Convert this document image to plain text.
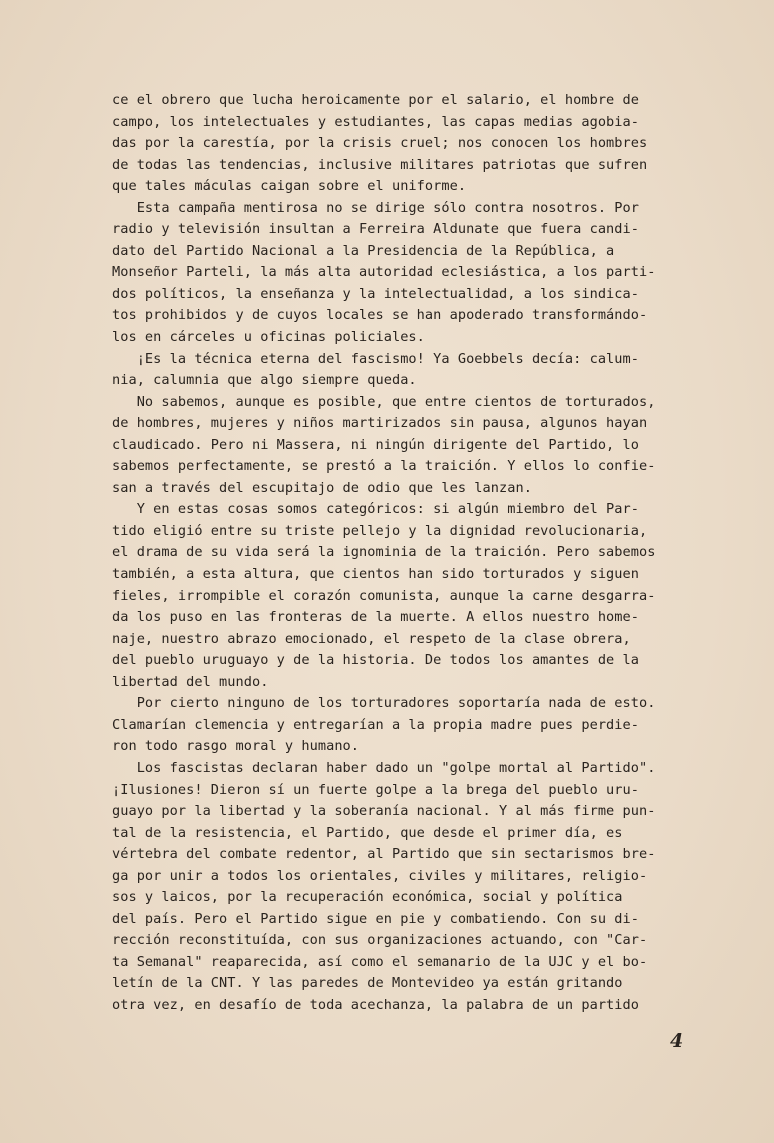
ce el obrero que lucha heroicamente por el salario, el hombre de
campo, los intelectuales y estudiantes, las capas medias agobia-
das por la carestía, por la crisis cruel; nos conocen los hombres
de todas las tendencias, inclusive militares patriotas que sufren
que tales máculas caigan sobre el uniforme.
Esta campaña mentirosa no se dirige sólo contra nosotros. Por
radio y televisión insultan a Ferreira Aldunate que fuera candi-
dato del Partido Nacional a la Presidencia de la República, a
Monseñor Parteli, la más alta autoridad eclesiástica, a los parti-
dos políticos, la enseñanza y la intelectualidad, a los sindica-
tos prohibidos y de cuyos locales se han apoderado transformándo-
los en cárceles u oficinas policiales.
¡Es la técnica eterna del fascismo! Ya Goebbels decía: calum-
nia, calumnia que algo siempre queda.
No sabemos, aunque es posible, que entre cientos de torturados,
de hombres, mujeres y niños martirizados sin pausa, algunos hayan
claudicado. Pero ni Massera, ni ningún dirigente del Partido, lo
sabemos perfectamente, se prestó a la traición. Y ellos lo confie-
san a través del escupitajo de odio que les lanzan.
Y en estas cosas somos categóricos: si algún miembro del Par-
tido eligió entre su triste pellejo y la dignidad revolucionaria,
el drama de su vida será la ignominia de la traición. Pero sabemos
también, a esta altura, que cientos han sido torturados y siguen
fieles, irrompible el corazón comunista, aunque la carne desgarra-
da los puso en las fronteras de la muerte. A ellos nuestro home-
naje, nuestro abrazo emocionado, el respeto de la clase obrera,
del pueblo uruguayo y de la historia. De todos los amantes de la
libertad del mundo.
Por cierto ninguno de los torturadores soportaría nada de esto.
Clamarían clemencia y entregarían a la propia madre pues perdie-
ron todo rasgo moral y humano.
Los fascistas declaran haber dado un "golpe mortal al Partido".
¡Ilusiones! Dieron sí un fuerte golpe a la brega del pueblo uru-
guayo por la libertad y la soberanía nacional. Y al más firme pun-
tal de la resistencia, el Partido, que desde el primer día, es
vértebra del combate redentor, al Partido que sin sectarismos bre-
ga por unir a todos los orientales, civiles y militares, religio-
sos y laicos, por la recuperación económica, social y política
del país. Pero el Partido sigue en pie y combatiendo. Con su di-
rección reconstituída, con sus organizaciones actuando, con "Car-
ta Semanal" reaparecida, así como el semanario de la UJC y el bo-
letín de la CNT. Y las paredes de Montevideo ya están gritando
otra vez, en desafío de toda acechanza, la palabra de un partido
4
